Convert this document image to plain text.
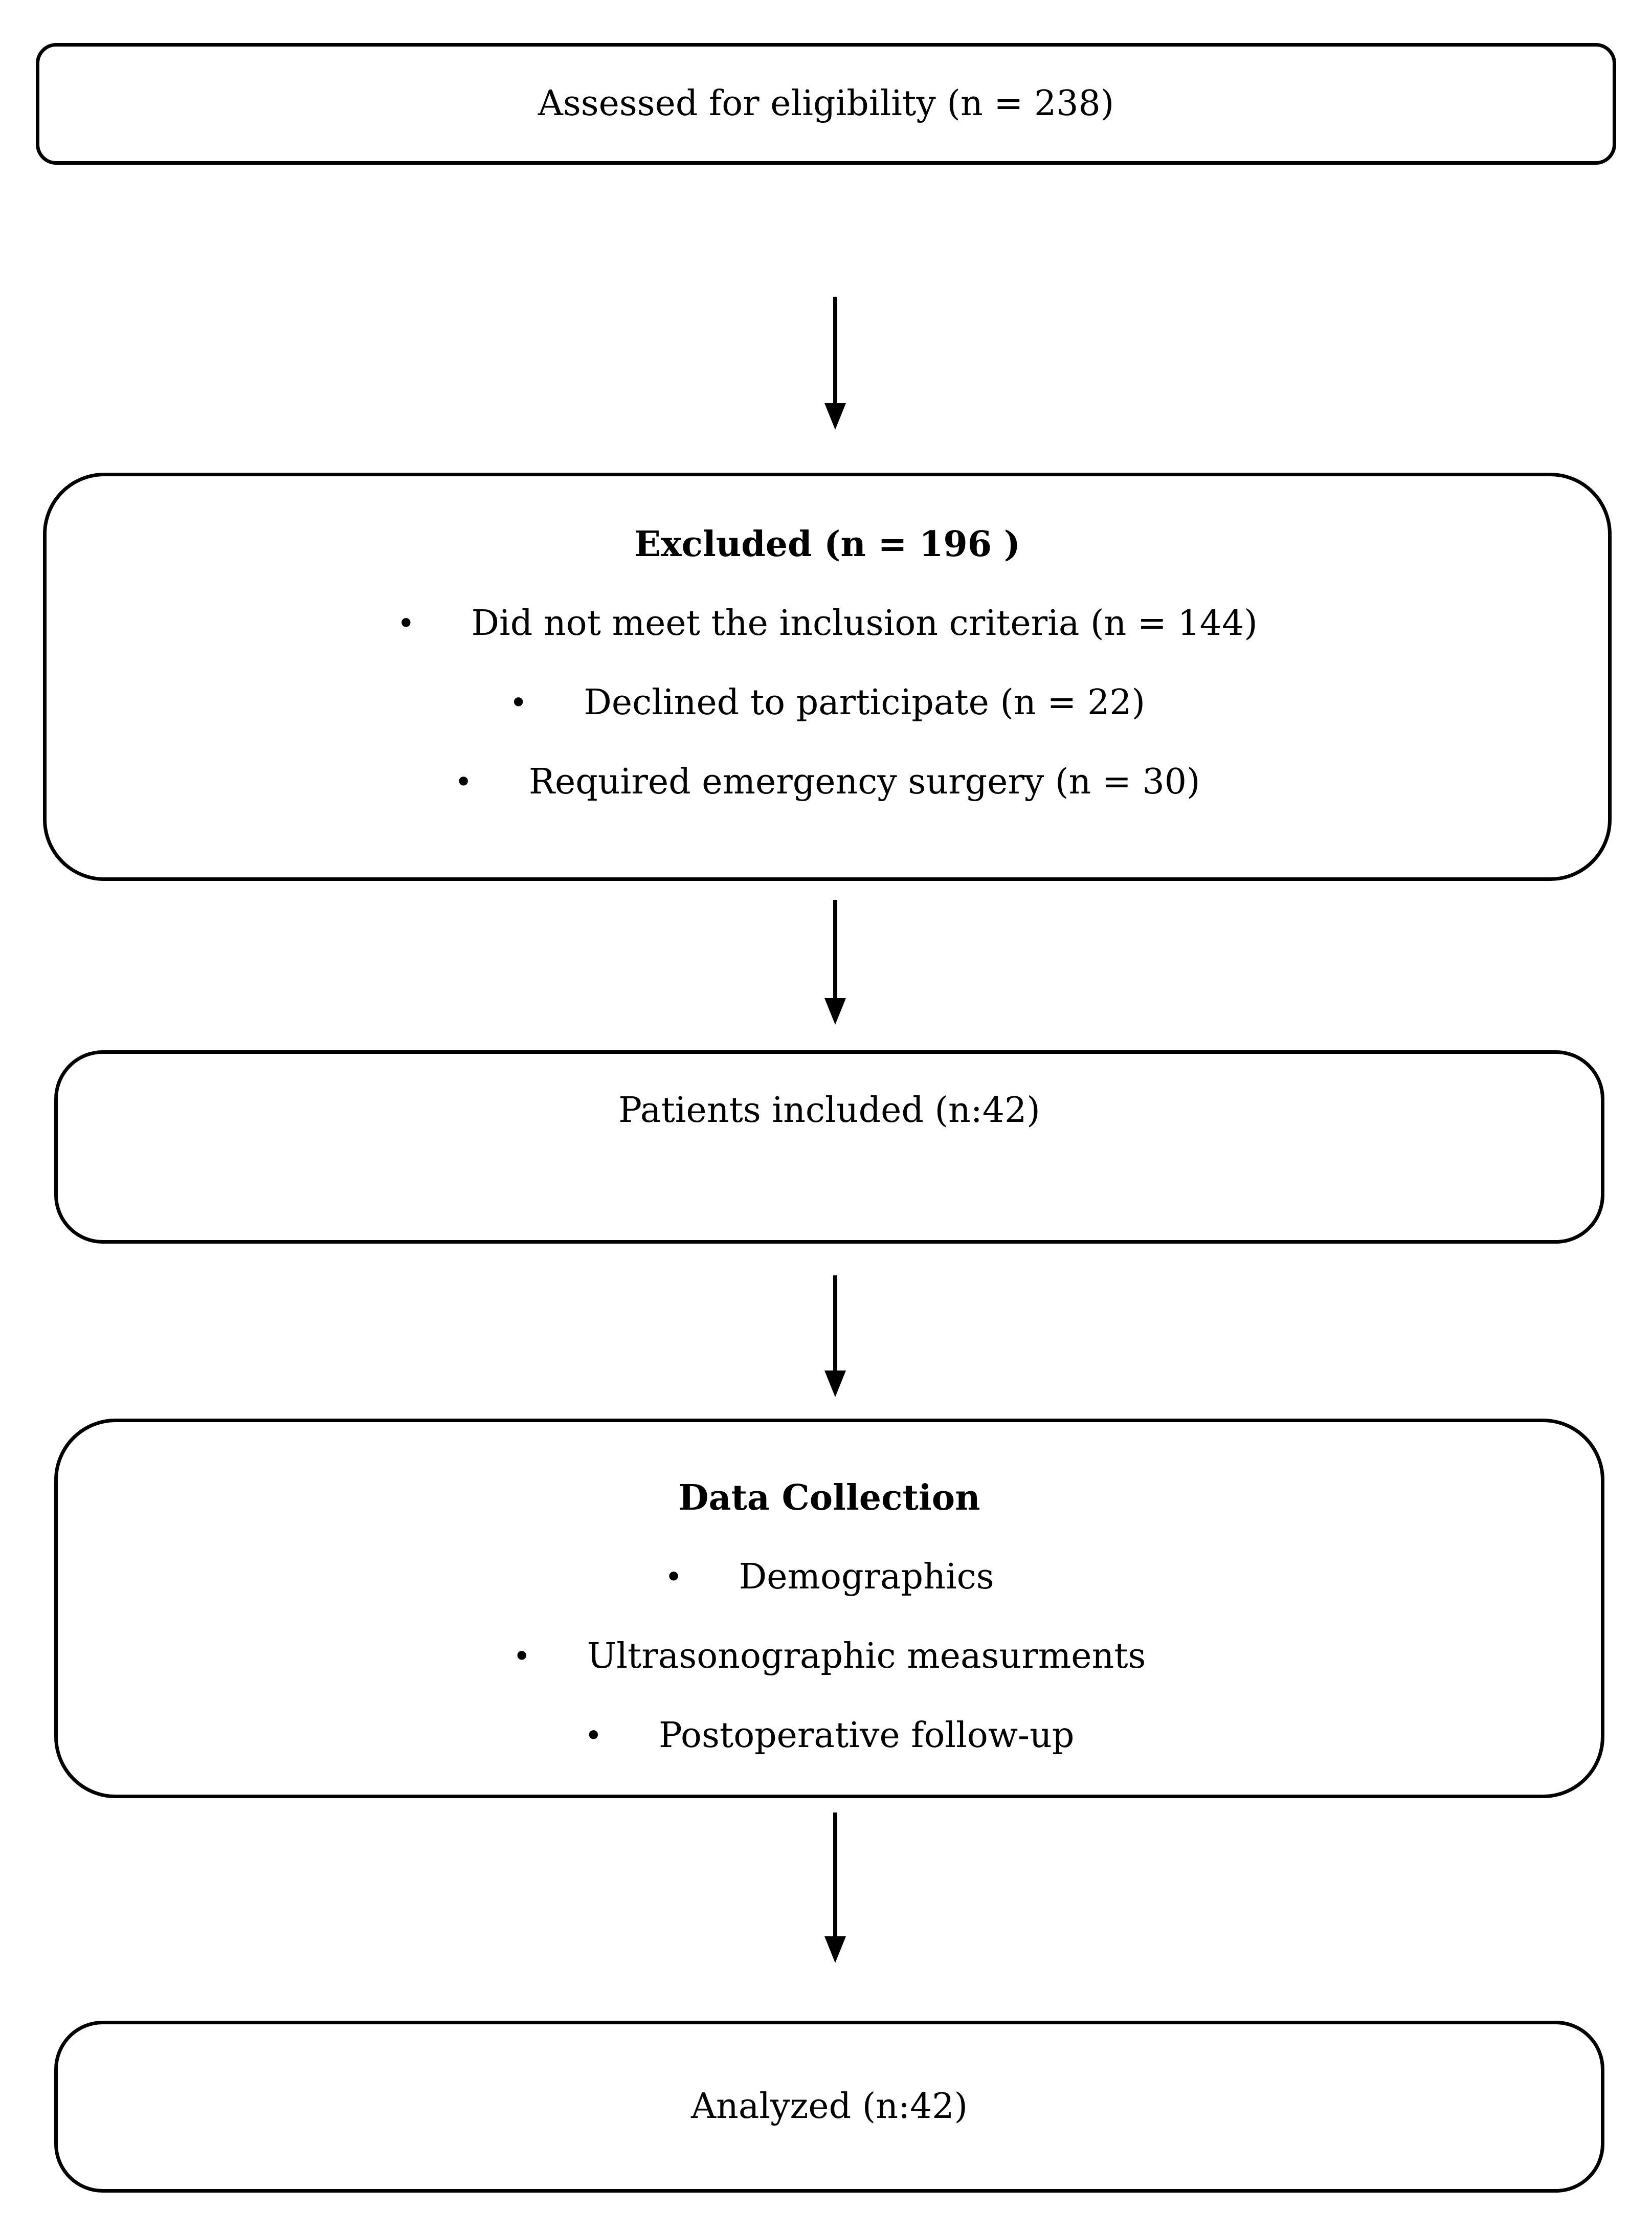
Assessed for eligibility (n = 238)
Excluded (n = 196 )
• Did not meet the inclusion criteria (n = 144)
• Declined to participate (n = 22)
• Required emergency surgery (n = 30)
Patients included (n:42)
Data Collection
• Demographics
• Ultrasonographic measurments
• Postoperative follow-up
Analyzed (n:42)
